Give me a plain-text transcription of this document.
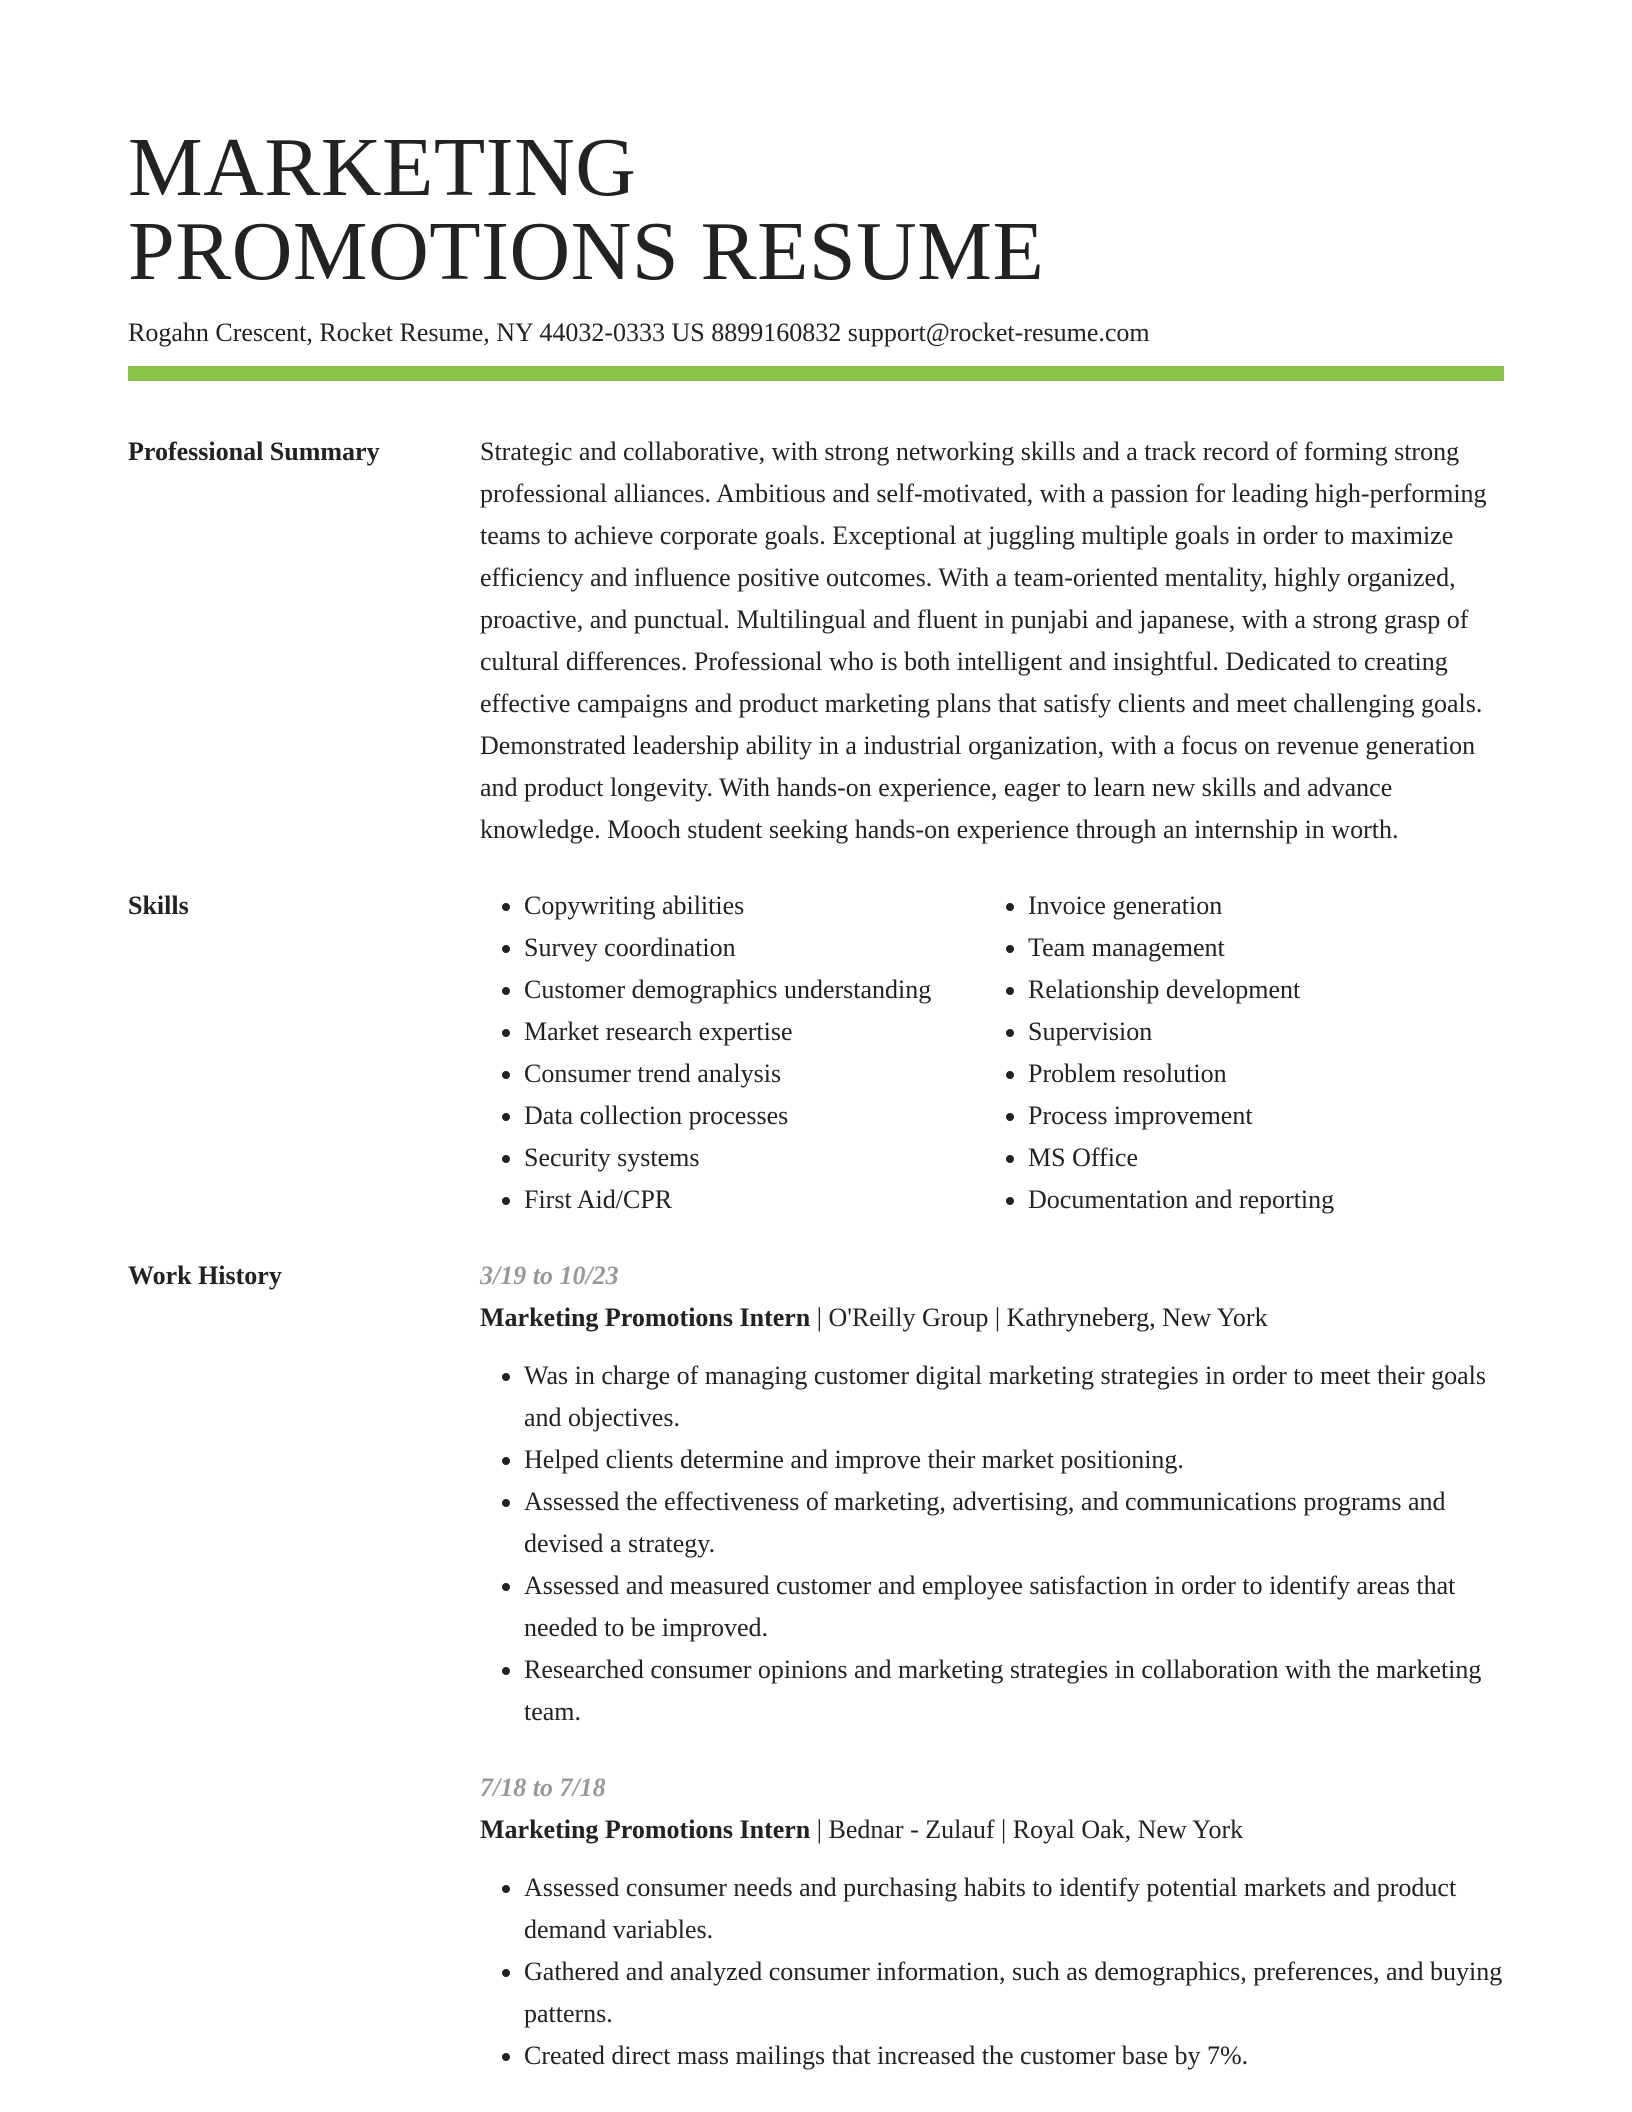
MARKETING
PROMOTIONS RESUME
Rogahn Crescent, Rocket Resume, NY 44032-0333 US 8899160832 support@rocket-resume.com
Professional Summary	Strategic and collaborative, with strong networking skills and a track record of forming strong professional alliances. Ambitious and self-motivated, with a passion for leading high-performing teams to achieve corporate goals. Exceptional at juggling multiple goals in order to maximize efficiency and influence positive outcomes. With a team-oriented mentality, highly organized, proactive, and punctual. Multilingual and fluent in punjabi and japanese, with a strong grasp of cultural differences. Professional who is both intelligent and insightful. Dedicated to creating effective campaigns and product marketing plans that satisfy clients and meet challenging goals. Demonstrated leadership ability in a industrial organization, with a focus on revenue generation and product longevity. With hands-on experience, eager to learn new skills and advance knowledge. Mooch student seeking hands-on experience through an internship in worth.

Skills
•	Copywriting abilities
• Survey coordination
• Customer demographics understanding
• Market research expertise
• Consumer trend analysis
• Data collection processes
• Security systems
• First Aid/CPR
• Invoice generation
• Team management
• Relationship development
• Supervision
• Problem resolution
• Process improvement
• MS Office
• Documentation and reporting
Work History	3/19 to 10/23
Marketing Promotions Intern | O'Reilly Group | Kathryneberg, New York
• Was in charge of managing customer digital marketing strategies in order to meet their goals and objectives.
• Helped clients determine and improve their market positioning.
• Assessed the effectiveness of marketing, advertising, and communications programs and devised a strategy.
• Assessed and measured customer and employee satisfaction in order to identify areas that needed to be improved.
• Researched consumer opinions and marketing strategies in collaboration with the marketing team.
7/18 to 7/18
Marketing Promotions Intern | Bednar - Zulauf | Royal Oak, New York
• Assessed consumer needs and purchasing habits to identify potential markets and product demand variables.
• Gathered and analyzed consumer information, such as demographics, preferences, and buying patterns.
• Created direct mass mailings that increased the customer base by 7%.
